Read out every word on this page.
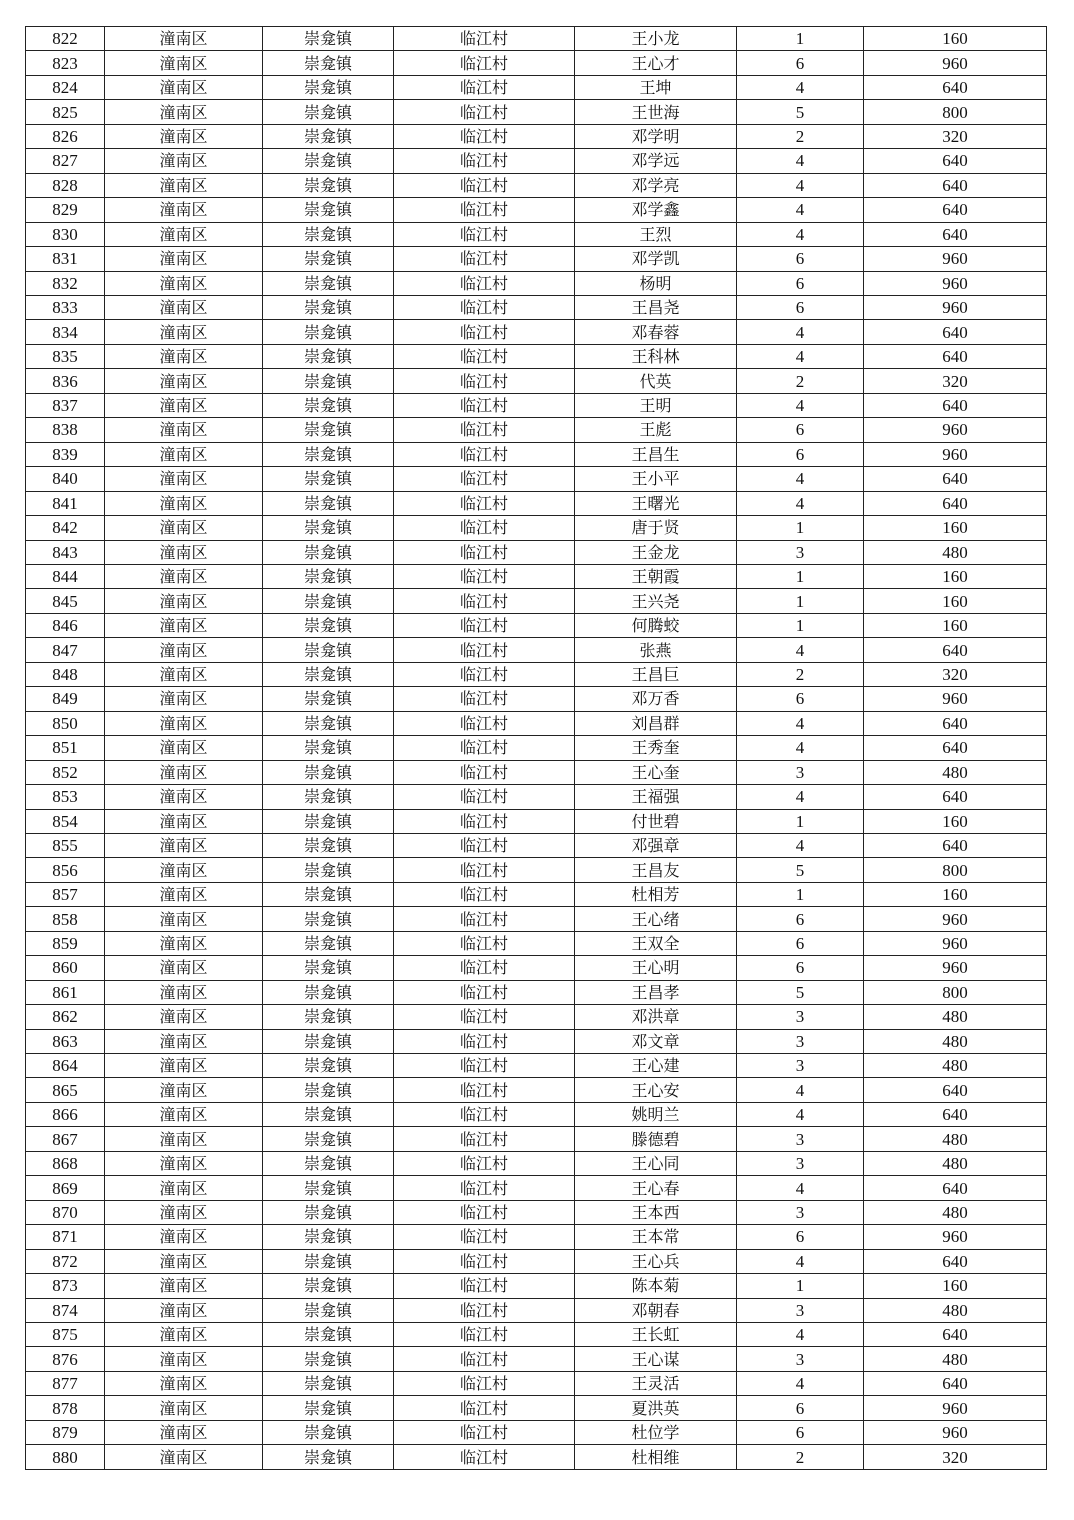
822	潼南区	崇龛镇	临江村	王小龙	1	160
823	潼南区	崇龛镇	临江村	王心才	6	960
824	潼南区	崇龛镇	临江村	王坤	4	640
825	潼南区	崇龛镇	临江村	王世海	5	800
826	潼南区	崇龛镇	临江村	邓学明	2	320
827	潼南区	崇龛镇	临江村	邓学远	4	640
828	潼南区	崇龛镇	临江村	邓学亮	4	640
829	潼南区	崇龛镇	临江村	邓学鑫	4	640
830	潼南区	崇龛镇	临江村	王烈	4	640
831	潼南区	崇龛镇	临江村	邓学凯	6	960
832	潼南区	崇龛镇	临江村	杨明	6	960
833	潼南区	崇龛镇	临江村	王昌尧	6	960
834	潼南区	崇龛镇	临江村	邓春蓉	4	640
835	潼南区	崇龛镇	临江村	王科林	4	640
836	潼南区	崇龛镇	临江村	代英	2	320
837	潼南区	崇龛镇	临江村	王明	4	640
838	潼南区	崇龛镇	临江村	王彪	6	960
839	潼南区	崇龛镇	临江村	王昌生	6	960
840	潼南区	崇龛镇	临江村	王小平	4	640
841	潼南区	崇龛镇	临江村	王曙光	4	640
842	潼南区	崇龛镇	临江村	唐于贤	1	160
843	潼南区	崇龛镇	临江村	王金龙	3	480
844	潼南区	崇龛镇	临江村	王朝霞	1	160
845	潼南区	崇龛镇	临江村	王兴尧	1	160
846	潼南区	崇龛镇	临江村	何腾蛟	1	160
847	潼南区	崇龛镇	临江村	张燕	4	640
848	潼南区	崇龛镇	临江村	王昌巨	2	320
849	潼南区	崇龛镇	临江村	邓万香	6	960
850	潼南区	崇龛镇	临江村	刘昌群	4	640
851	潼南区	崇龛镇	临江村	王秀奎	4	640
852	潼南区	崇龛镇	临江村	王心奎	3	480
853	潼南区	崇龛镇	临江村	王福强	4	640
854	潼南区	崇龛镇	临江村	付世碧	1	160
855	潼南区	崇龛镇	临江村	邓强章	4	640
856	潼南区	崇龛镇	临江村	王昌友	5	800
857	潼南区	崇龛镇	临江村	杜相芳	1	160
858	潼南区	崇龛镇	临江村	王心绪	6	960
859	潼南区	崇龛镇	临江村	王双全	6	960
860	潼南区	崇龛镇	临江村	王心明	6	960
861	潼南区	崇龛镇	临江村	王昌孝	5	800
862	潼南区	崇龛镇	临江村	邓洪章	3	480
863	潼南区	崇龛镇	临江村	邓文章	3	480
864	潼南区	崇龛镇	临江村	王心建	3	480
865	潼南区	崇龛镇	临江村	王心安	4	640
866	潼南区	崇龛镇	临江村	姚明兰	4	640
867	潼南区	崇龛镇	临江村	滕德碧	3	480
868	潼南区	崇龛镇	临江村	王心同	3	480
869	潼南区	崇龛镇	临江村	王心春	4	640
870	潼南区	崇龛镇	临江村	王本西	3	480
871	潼南区	崇龛镇	临江村	王本常	6	960
872	潼南区	崇龛镇	临江村	王心兵	4	640
873	潼南区	崇龛镇	临江村	陈本菊	1	160
874	潼南区	崇龛镇	临江村	邓朝春	3	480
875	潼南区	崇龛镇	临江村	王长虹	4	640
876	潼南区	崇龛镇	临江村	王心谋	3	480
877	潼南区	崇龛镇	临江村	王灵活	4	640
878	潼南区	崇龛镇	临江村	夏洪英	6	960
879	潼南区	崇龛镇	临江村	杜位学	6	960
880	潼南区	崇龛镇	临江村	杜相维	2	320
